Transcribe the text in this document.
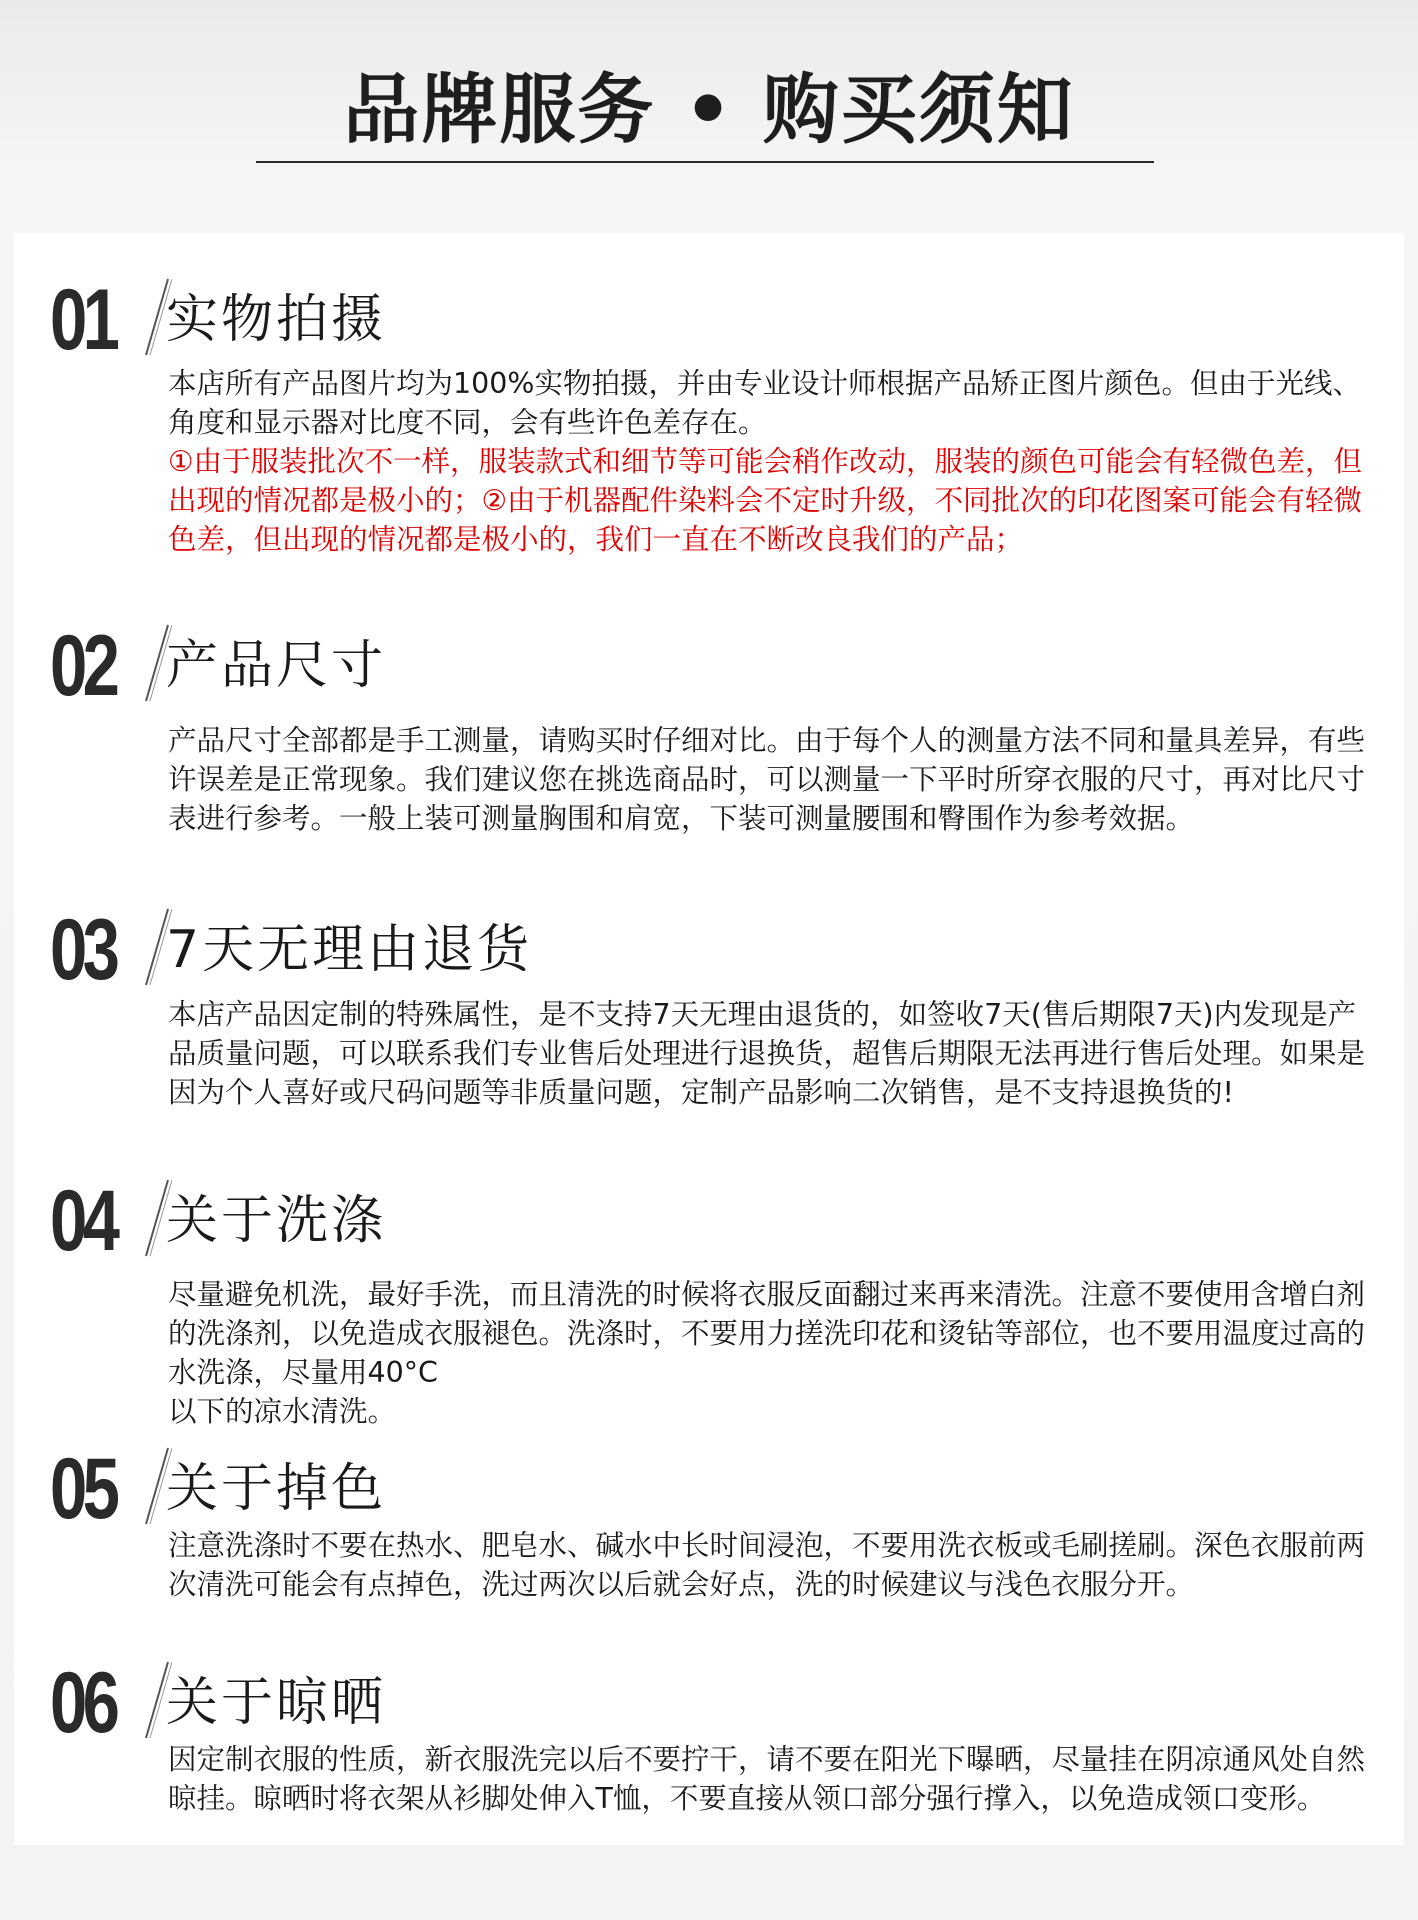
品牌服务 • 购买须知
01 实物拍摄

本店所有产品图片均为100%实物拍摄，并由专业设计师根据产品矫正图片颜色。但由于光线、角度和显示器对比度不同，会有些许色差存在。

①由于服装批次不一样，服装款式和细节等可能会稍作改动，服装的颜色可能会有轻微色差，但出现的情况都是极小的；②由于机器配件染料会不定时升级，不同批次的印花图案可能会有轻微色差，但出现的情况都是极小的，我们一直在不断改良我们的产品；

02 产品尺寸

产品尺寸全部都是手工测量，请购买时仔细对比。由于每个人的测量方法不同和量具差异，有些许误差是正常现象。我们建议您在挑选商品时，可以测量一下平时所穿衣服的尺寸，再对比尺寸表进行参考。一般上装可测量胸围和肩宽，下装可测量腰围和臀围作为参考效据。

03 7天无理由退货

本店产品因定制的特殊属性，是不支持7天无理由退货的，如签收7天(售后期限7天)内发现是产品质量问题，可以联系我们专业售后处理进行退换货，超售后期限无法再进行售后处理。如果是因为个人喜好或尺码问题等非质量问题，定制产品影响二次销售，是不支持退换货的!

04 关于洗涤

尽量避免机洗，最好手洗，而且清洗的时候将衣服反面翻过来再来清洗。注意不要使用含增白剂的洗涤剂，以免造成衣服褪色。洗涤时，不要用力搓洗印花和烫钻等部位，也不要用温度过高的水洗涤，尽量用40°C

以下的凉水清洗。

05 关于掉色

注意洗涤时不要在热水、肥皂水、碱水中长时间浸泡，不要用洗衣板或毛刷搓刷。深色衣服前两次清洗可能会有点掉色，洗过两次以后就会好点，洗的时候建议与浅色衣服分开。

06 关于晾晒

因定制衣服的性质，新衣服洗完以后不要拧干，请不要在阳光下曝晒，尽量挂在阴凉通风处自然晾挂。晾晒时将衣架从衫脚处伸入T恤，不要直接从领口部分强行撑入，以免造成领口变形。
